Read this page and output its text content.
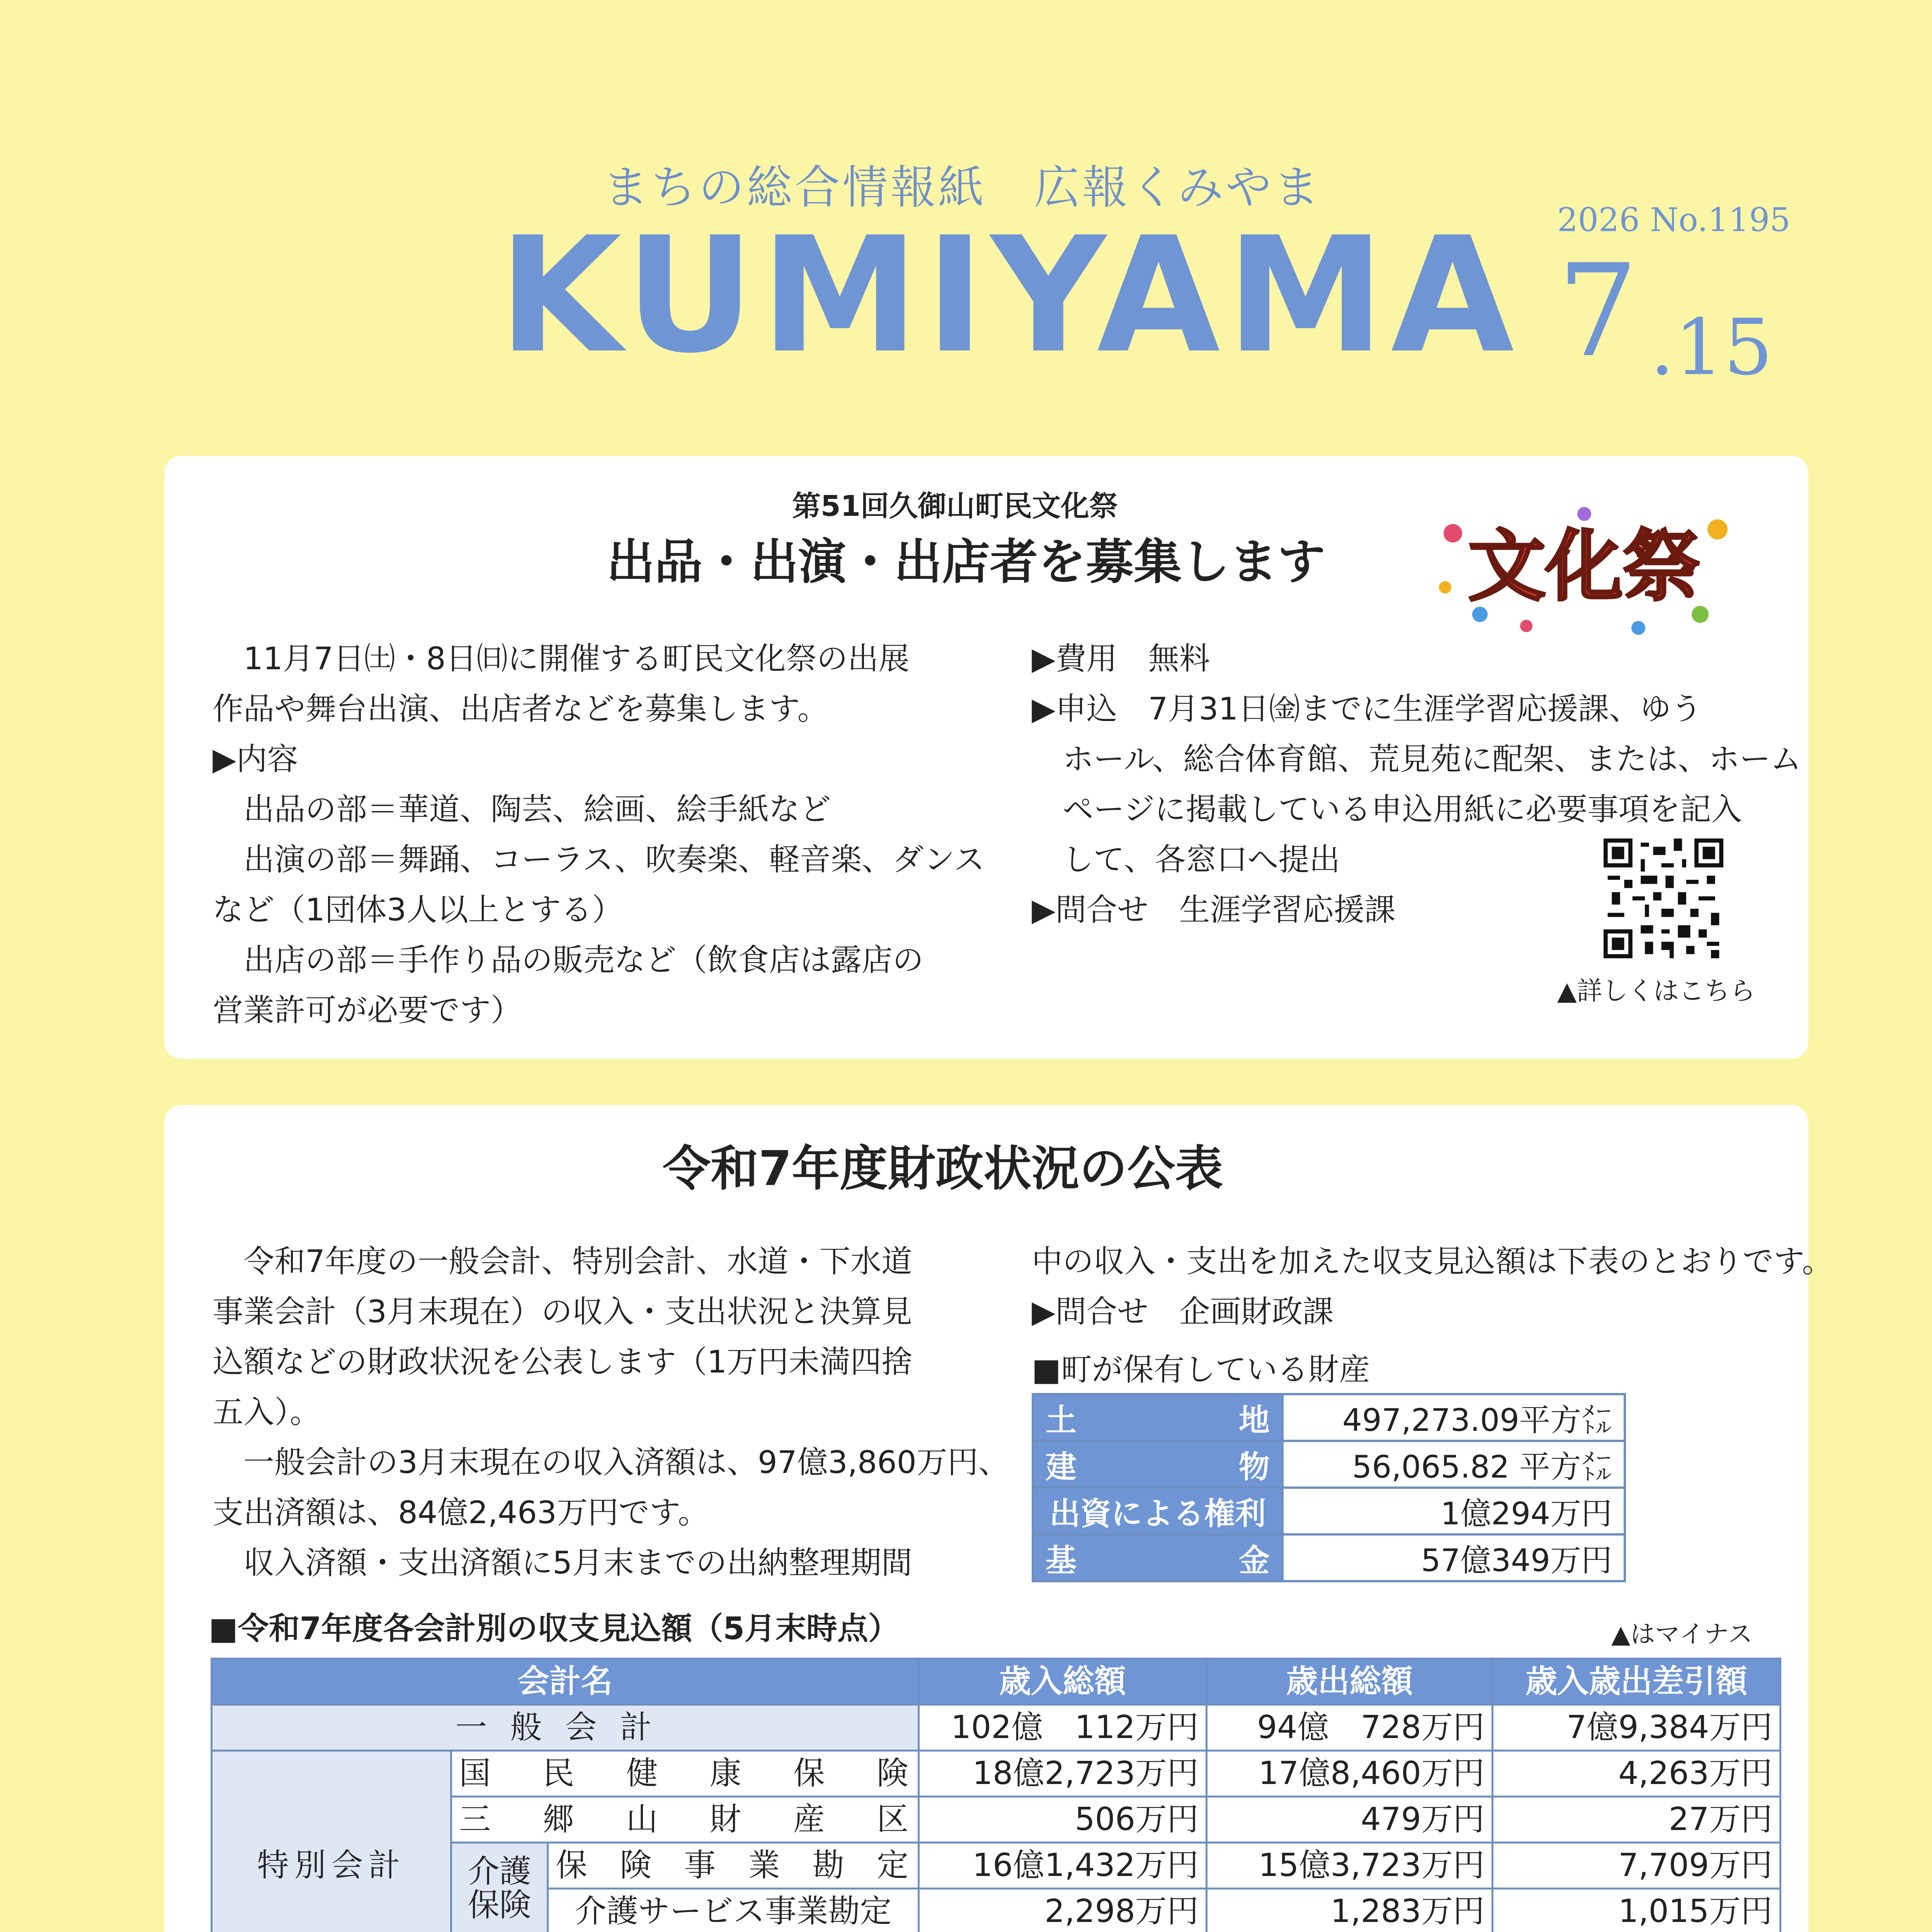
まちの総合情報紙　広報くみやま
KUMIYAMA 2026 No.1195
7 .15
第51回久御山町民文化祭
出品・出演・出店者を募集します 文化祭
　11月7日㈯・8日㈰に開催する町民文化祭の出展
作品や舞台出演、出店者などを募集します。
▶内容
　出品の部＝華道、陶芸、絵画、絵手紙など
　出演の部＝舞踊、コーラス、吹奏楽、軽音楽、ダンス
など（1団体3人以上とする）
　出店の部＝手作り品の販売など（飲食店は露店の
営業許可が必要です）
▶費用　無料
▶申込　7月31日㈮までに生涯学習応援課、ゆう
　ホール、総合体育館、荒見苑に配架、または、ホーム
　ページに掲載している申込用紙に必要事項を記入
　して、各窓口へ提出
▶問合せ　生涯学習応援課
▲詳しくはこちら
令和7年度財政状況の公表
　令和7年度の一般会計、特別会計、水道・下水道
事業会計（3月末現在）の収入・支出状況と決算見
込額などの財政状況を公表します（1万円未満四捨
五入）。
　一般会計の3月末現在の収入済額は、97億3,860万円、
支出済額は、84億2,463万円です。
　収入済額・支出済額に5月末までの出納整理期間
中の収入・支出を加えた収支見込額は下表のとおりです。
▶問合せ　企画財政課
■町が保有している財産
土　　　地	497,273.09平方㍍
建　　　物	56,065.82 平方㍍
出資による権利	1億294万円
基　　　金	57億349万円
■令和7年度各会計別の収支見込額（5月末時点）	▲はマイナス
会計名			歳入総額	歳出総額	歳入歳出差引額
一般会計			102億　112万円	94億　728万円	7億9,384万円
特別会計	国民健康保険		18億2,723万円	17億8,460万円	4,263万円
	三郷山財産区		506万円	479万円	27万円
	介護保険	保険事業勘定	16億1,432万円	15億3,723万円	7,709万円
		介護サービス事業勘定	2,298万円	1,283万円	1,015万円
